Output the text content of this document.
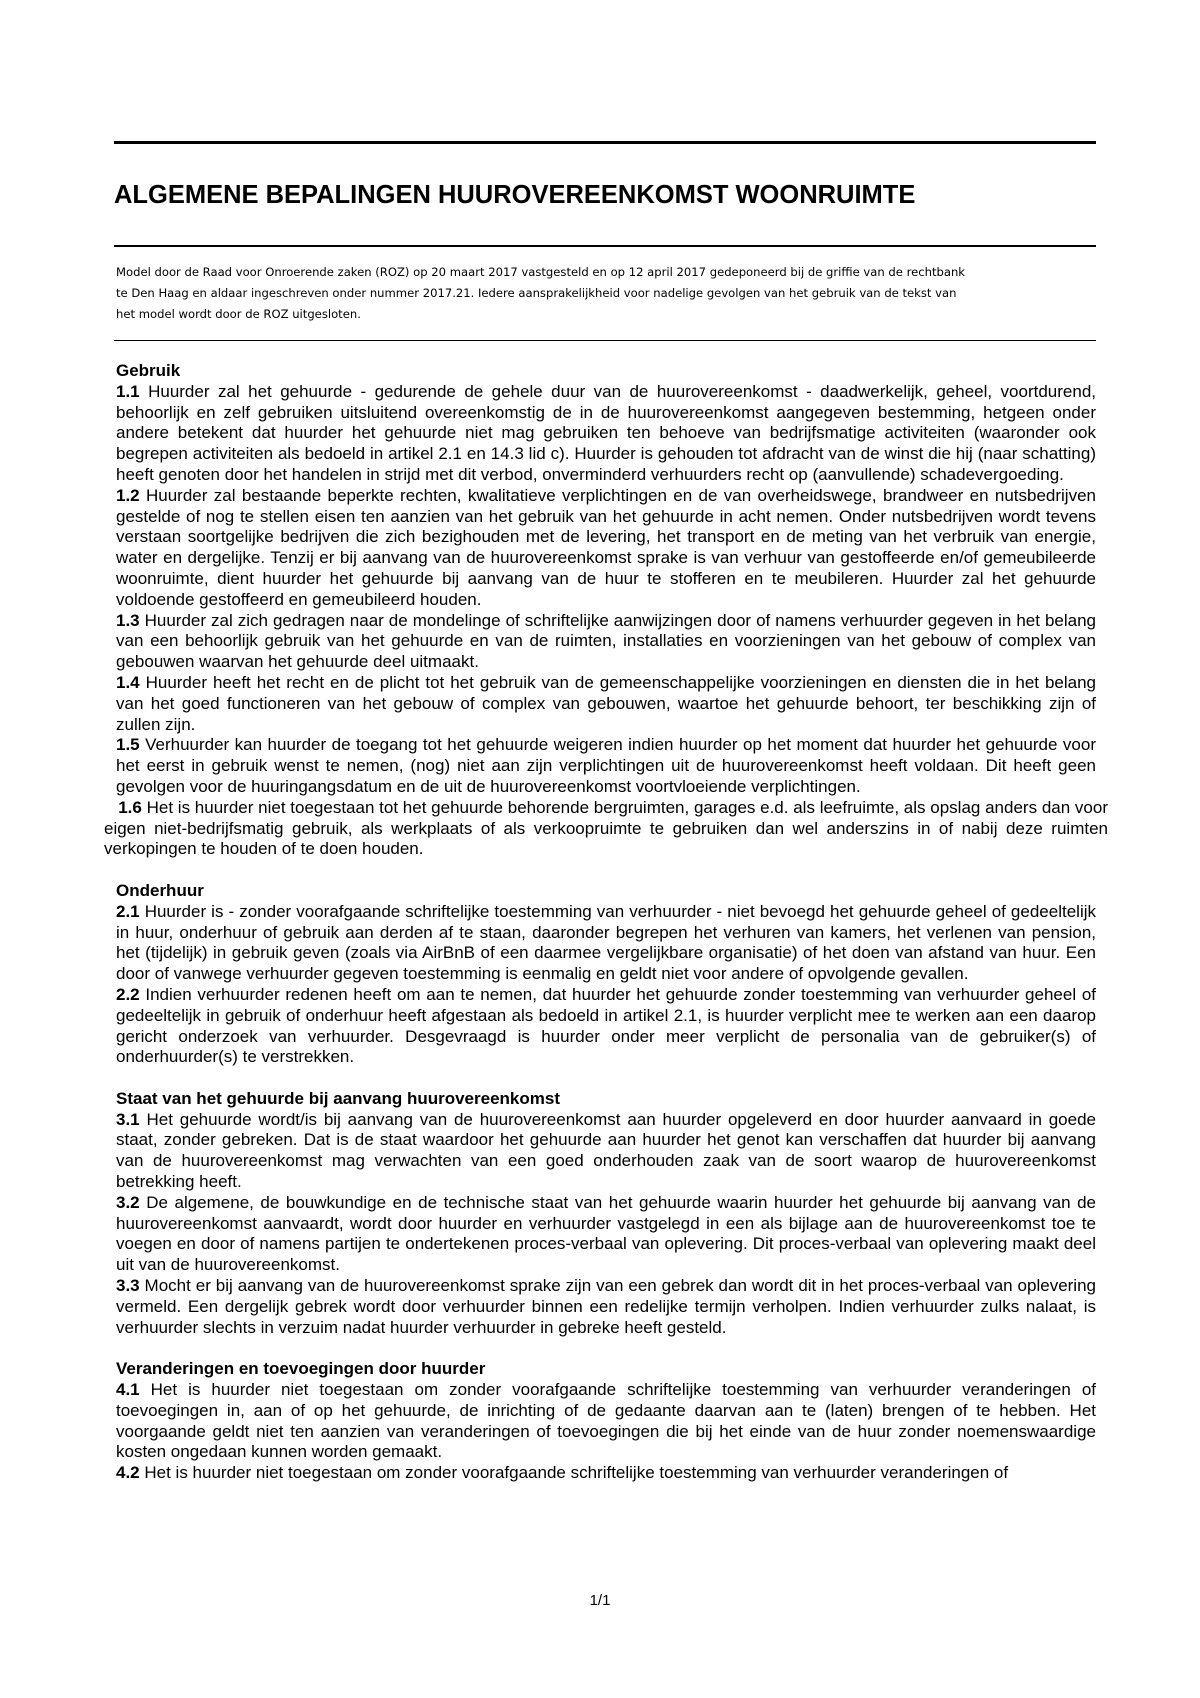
ALGEMENE BEPALINGEN HUUROVEREENKOMST WOONRUIMTE

Model door de Raad voor Onroerende zaken (ROZ) op 20 maart 2017 vastgesteld en op 12 april 2017 gedeponeerd bij de griffie van de rechtbank

te Den Haag en aldaar ingeschreven onder nummer 2017.21. Iedere aansprakelijkheid voor nadelige gevolgen van het gebruik van de tekst van

het model wordt door de ROZ uitgesloten.

Gebruik

1.1 Huurder zal het gehuurde - gedurende de gehele duur van de huurovereenkomst - daadwerkelijk, geheel, voortdurend, behoorlijk en zelf gebruiken uitsluitend overeenkomstig de in de huurovereenkomst aangegeven bestemming, hetgeen onder andere betekent dat huurder het gehuurde niet mag gebruiken ten behoeve van bedrijfsmatige activiteiten (waaronder ook begrepen activiteiten als bedoeld in artikel 2.1 en 14.3 lid c). Huurder is gehouden tot afdracht van de winst die hij (naar schatting) heeft genoten door het handelen in strijd met dit verbod, onverminderd verhuurders recht op (aanvullende) schadevergoeding.

1.2 Huurder zal bestaande beperkte rechten, kwalitatieve verplichtingen en de van overheidswege, brandweer en nutsbedrijven gestelde of nog te stellen eisen ten aanzien van het gebruik van het gehuurde in acht nemen. Onder nutsbedrijven wordt tevens verstaan soortgelijke bedrijven die zich bezighouden met de levering, het transport en de meting van het verbruik van energie, water en dergelijke. Tenzij er bij aanvang van de huurovereenkomst sprake is van verhuur van gestoffeerde en/of gemeubileerde woonruimte, dient huurder het gehuurde bij aanvang van de huur te stofferen en te meubileren. Huurder zal het gehuurde voldoende gestoffeerd en gemeubileerd houden.

1.3 Huurder zal zich gedragen naar de mondelinge of schriftelijke aanwijzingen door of namens verhuurder gegeven in het belang van een behoorlijk gebruik van het gehuurde en van de ruimten, installaties en voorzieningen van het gebouw of complex van gebouwen waarvan het gehuurde deel uitmaakt.

1.4 Huurder heeft het recht en de plicht tot het gebruik van de gemeenschappelijke voorzieningen en diensten die in het belang van het goed functioneren van het gebouw of complex van gebouwen, waartoe het gehuurde behoort, ter beschikking zijn of zullen zijn.

1.5 Verhuurder kan huurder de toegang tot het gehuurde weigeren indien huurder op het moment dat huurder het gehuurde voor het eerst in gebruik wenst te nemen, (nog) niet aan zijn verplichtingen uit de huurovereenkomst heeft voldaan. Dit heeft geen gevolgen voor de huuringangsdatum en de uit de huurovereenkomst voortvloeiende verplichtingen.

1.6 Het is huurder niet toegestaan tot het gehuurde behorende bergruimten, garages e.d. als leefruimte, als opslag anders dan voor eigen niet-bedrijfsmatig gebruik, als werkplaats of als verkoopruimte te gebruiken dan wel anderszins in of nabij deze ruimten verkopingen te houden of te doen houden.

Onderhuur

2.1 Huurder is - zonder voorafgaande schriftelijke toestemming van verhuurder - niet bevoegd het gehuurde geheel of gedeeltelijk in huur, onderhuur of gebruik aan derden af te staan, daaronder begrepen het verhuren van kamers, het verlenen van pension, het (tijdelijk) in gebruik geven (zoals via AirBnB of een daarmee vergelijkbare organisatie) of het doen van afstand van huur. Een door of vanwege verhuurder gegeven toestemming is eenmalig en geldt niet voor andere of opvolgende gevallen.

2.2 Indien verhuurder redenen heeft om aan te nemen, dat huurder het gehuurde zonder toestemming van verhuurder geheel of gedeeltelijk in gebruik of onderhuur heeft afgestaan als bedoeld in artikel 2.1, is huurder verplicht mee te werken aan een daarop gericht onderzoek van verhuurder. Desgevraagd is huurder onder meer verplicht de personalia van de gebruiker(s) of onderhuurder(s) te verstrekken.

Staat van het gehuurde bij aanvang huurovereenkomst

3.1 Het gehuurde wordt/is bij aanvang van de huurovereenkomst aan huurder opgeleverd en door huurder aanvaard in goede staat, zonder gebreken. Dat is de staat waardoor het gehuurde aan huurder het genot kan verschaffen dat huurder bij aanvang van de huurovereenkomst mag verwachten van een goed onderhouden zaak van de soort waarop de huurovereenkomst betrekking heeft.

3.2 De algemene, de bouwkundige en de technische staat van het gehuurde waarin huurder het gehuurde bij aanvang van de huurovereenkomst aanvaardt, wordt door huurder en verhuurder vastgelegd in een als bijlage aan de huurovereenkomst toe te voegen en door of namens partijen te ondertekenen proces-verbaal van oplevering. Dit proces-verbaal van oplevering maakt deel uit van de huurovereenkomst.

3.3 Mocht er bij aanvang van de huurovereenkomst sprake zijn van een gebrek dan wordt dit in het proces-verbaal van oplevering vermeld. Een dergelijk gebrek wordt door verhuurder binnen een redelijke termijn verholpen. Indien verhuurder zulks nalaat, is verhuurder slechts in verzuim nadat huurder verhuurder in gebreke heeft gesteld.

Veranderingen en toevoegingen door huurder

4.1 Het is huurder niet toegestaan om zonder voorafgaande schriftelijke toestemming van verhuurder veranderingen of toevoegingen in, aan of op het gehuurde, de inrichting of de gedaante daarvan aan te (laten) brengen of te hebben. Het voorgaande geldt niet ten aanzien van veranderingen of toevoegingen die bij het einde van de huur zonder noemenswaardige kosten ongedaan kunnen worden gemaakt.

4.2 Het is huurder niet toegestaan om zonder voorafgaande schriftelijke toestemming van verhuurder veranderingen of

1/1
